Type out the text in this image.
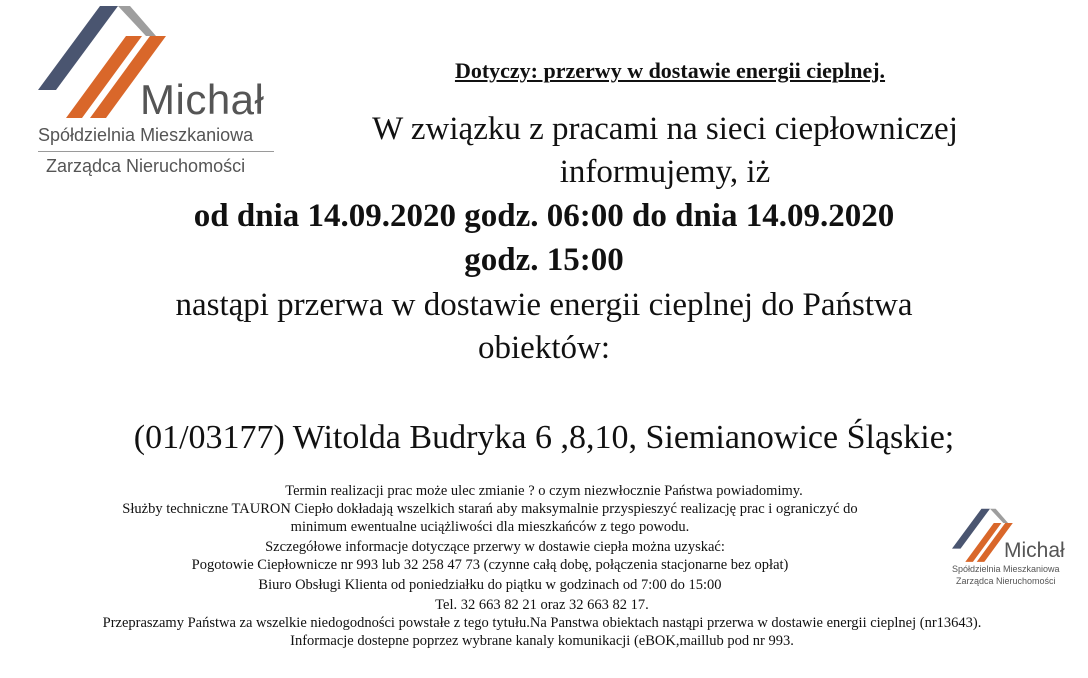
Michał
Spółdzielnia Mieszkaniowa
Zarządca Nieruchomości
Dotyczy: przerwy w dostawie energii cieplnej.
W związku z pracami na sieci ciepłowniczej
informujemy, iż
od dnia 14.09.2020 godz. 06:00 do dnia 14.09.2020
godz. 15:00
nastąpi przerwa w dostawie energii cieplnej do Państwa
obiektów:
(01/03177) Witolda Budryka 6 ,8,10, Siemianowice Śląskie;
Termin realizacji prac może ulec zmianie ? o czym niezwłocznie Państwa powiadomimy.
Służby techniczne TAURON Ciepło dokładają wszelkich starań aby maksymalnie przyspieszyć realizację prac i ograniczyć do
minimum ewentualne uciążliwości dla mieszkańców z tego powodu.
Szczegółowe informacje dotyczące przerwy w dostawie ciepła można uzyskać:
Pogotowie Ciepłownicze nr 993 lub 32 258 47 73 (czynne całą dobę, połączenia stacjonarne bez opłat)
Biuro Obsługi Klienta od poniedziałku do piątku w godzinach od 7:00 do 15:00
Tel. 32 663 82 21 oraz 32 663 82 17.
Przepraszamy Państwa za wszelkie niedogodności powstałe z tego tytułu.Na Panstwa obiektach nastąpi przerwa w dostawie energii cieplnej (nr13643).
Informacje dostepne poprzez wybrane kanaly komunikacji (eBOK,maillub pod nr 993.
Michał
Spółdzielnia Mieszkaniowa
Zarządca Nieruchomości
